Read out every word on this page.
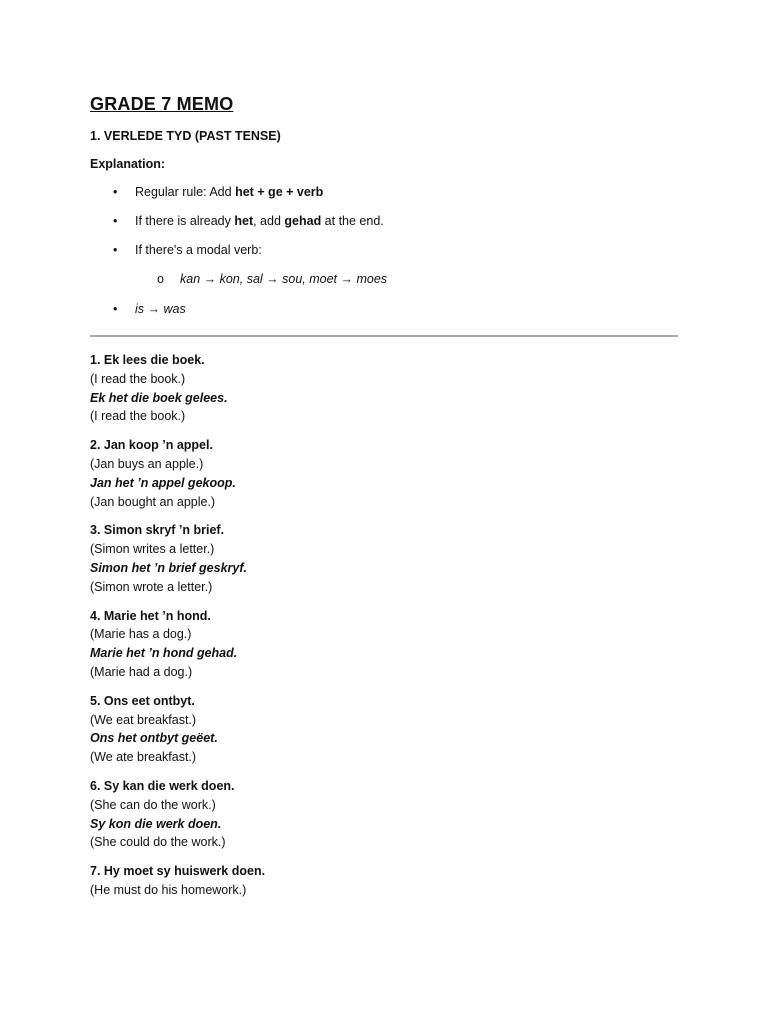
GRADE 7 MEMO
1. VERLEDE TYD (PAST TENSE)
Explanation:
• Regular rule: Add het + ge + verb
• If there is already het, add gehad at the end.
• If there's a modal verb:
o kan → kon, sal → sou, moet → moes
• is → was
1. Ek lees die boek.
(I read the book.)
Ek het die boek gelees.
(I read the book.)
2. Jan koop ’n appel.
(Jan buys an apple.)
Jan het ’n appel gekoop.
(Jan bought an apple.)
3. Simon skryf ’n brief.
(Simon writes a letter.)
Simon het ’n brief geskryf.
(Simon wrote a letter.)
4. Marie het ’n hond.
(Marie has a dog.)
Marie het ’n hond gehad.
(Marie had a dog.)
5. Ons eet ontbyt.
(We eat breakfast.)
Ons het ontbyt geëet.
(We ate breakfast.)
6. Sy kan die werk doen.
(She can do the work.)
Sy kon die werk doen.
(She could do the work.)
7. Hy moet sy huiswerk doen.
(He must do his homework.)
